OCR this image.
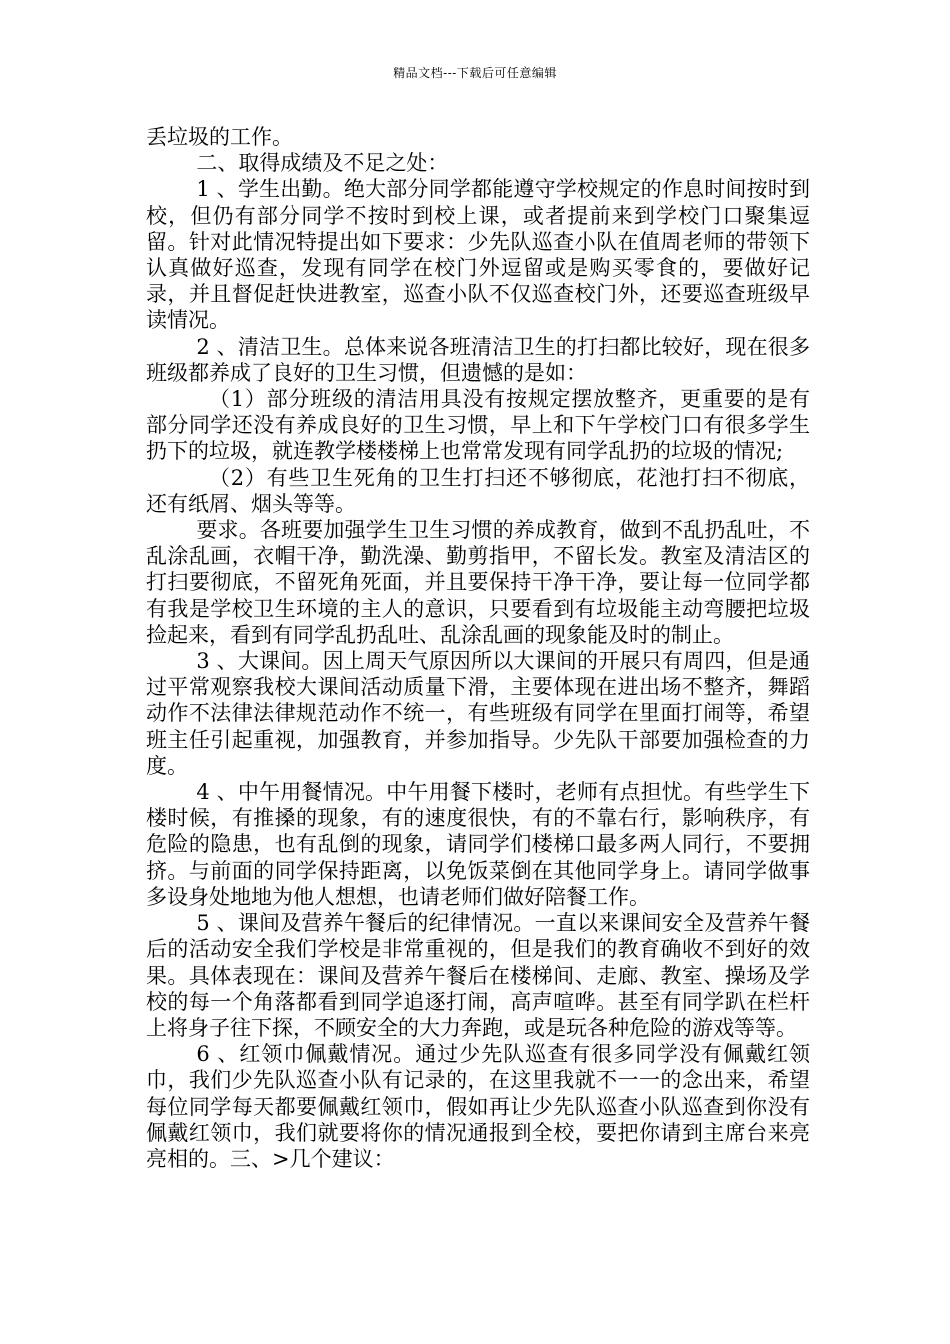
精品文档---下载后可任意编辑

丢垃圾的工作。

二、取得成绩及不足之处：

1 、学生出勤。绝大部分同学都能遵守学校规定的作息时间按时到校，但仍有部分同学不按时到校上课，或者提前来到学校门口聚集逗留。针对此情况特提出如下要求：少先队巡查小队在值周老师的带领下认真做好巡查，发现有同学在校门外逗留或是购买零食的，要做好记录，并且督促赶快进教室，巡查小队不仅巡查校门外，还要巡查班级早读情况。

2 、清洁卫生。总体来说各班清洁卫生的打扫都比较好，现在很多班级都养成了良好的卫生习惯，但遗憾的是如：

（1）部分班级的清洁用具没有按规定摆放整齐，更重要的是有部分同学还没有养成良好的卫生习惯，早上和下午学校门口有很多学生扔下的垃圾，就连教学楼楼梯上也常常发现有同学乱扔的垃圾的情况;

（2）有些卫生死角的卫生打扫还不够彻底，花池打扫不彻底，还有纸屑、烟头等等。

要求。各班要加强学生卫生习惯的养成教育，做到不乱扔乱吐，不乱涂乱画，衣帽干净，勤洗澡、勤剪指甲，不留长发。教室及清洁区的打扫要彻底，不留死角死面，并且要保持干净干净，要让每一位同学都有我是学校卫生环境的主人的意识，只要看到有垃圾能主动弯腰把垃圾捡起来，看到有同学乱扔乱吐、乱涂乱画的现象能及时的制止。

3 、大课间。因上周天气原因所以大课间的开展只有周四，但是通过平常观察我校大课间活动质量下滑，主要体现在进出场不整齐，舞蹈动作不法律法律规范动作不统一，有些班级有同学在里面打闹等，希望班主任引起重视，加强教育，并参加指导。少先队干部要加强检查的力度。

4 、中午用餐情况。中午用餐下楼时，老师有点担忧。有些学生下楼时候，有推搡的现象，有的速度很快，有的不靠右行，影响秩序，有危险的隐患，也有乱倒的现象，请同学们楼梯口最多两人同行，不要拥挤。与前面的同学保持距离，以免饭菜倒在其他同学身上。请同学做事多设身处地地为他人想想，也请老师们做好陪餐工作。

5 、课间及营养午餐后的纪律情况。一直以来课间安全及营养午餐后的活动安全我们学校是非常重视的，但是我们的教育确收不到好的效果。具体表现在：课间及营养午餐后在楼梯间、走廊、教室、操场及学校的每一个角落都看到同学追逐打闹，高声喧哗。甚至有同学趴在栏杆上将身子往下探，不顾安全的大力奔跑，或是玩各种危险的游戏等等。

6 、红领巾佩戴情况。通过少先队巡查有很多同学没有佩戴红领巾，我们少先队巡查小队有记录的，在这里我就不一一的念出来，希望每位同学每天都要佩戴红领巾，假如再让少先队巡查小队巡查到你没有佩戴红领巾，我们就要将你的情况通报到全校，要把你请到主席台来亮亮相的。三、>几个建议：
